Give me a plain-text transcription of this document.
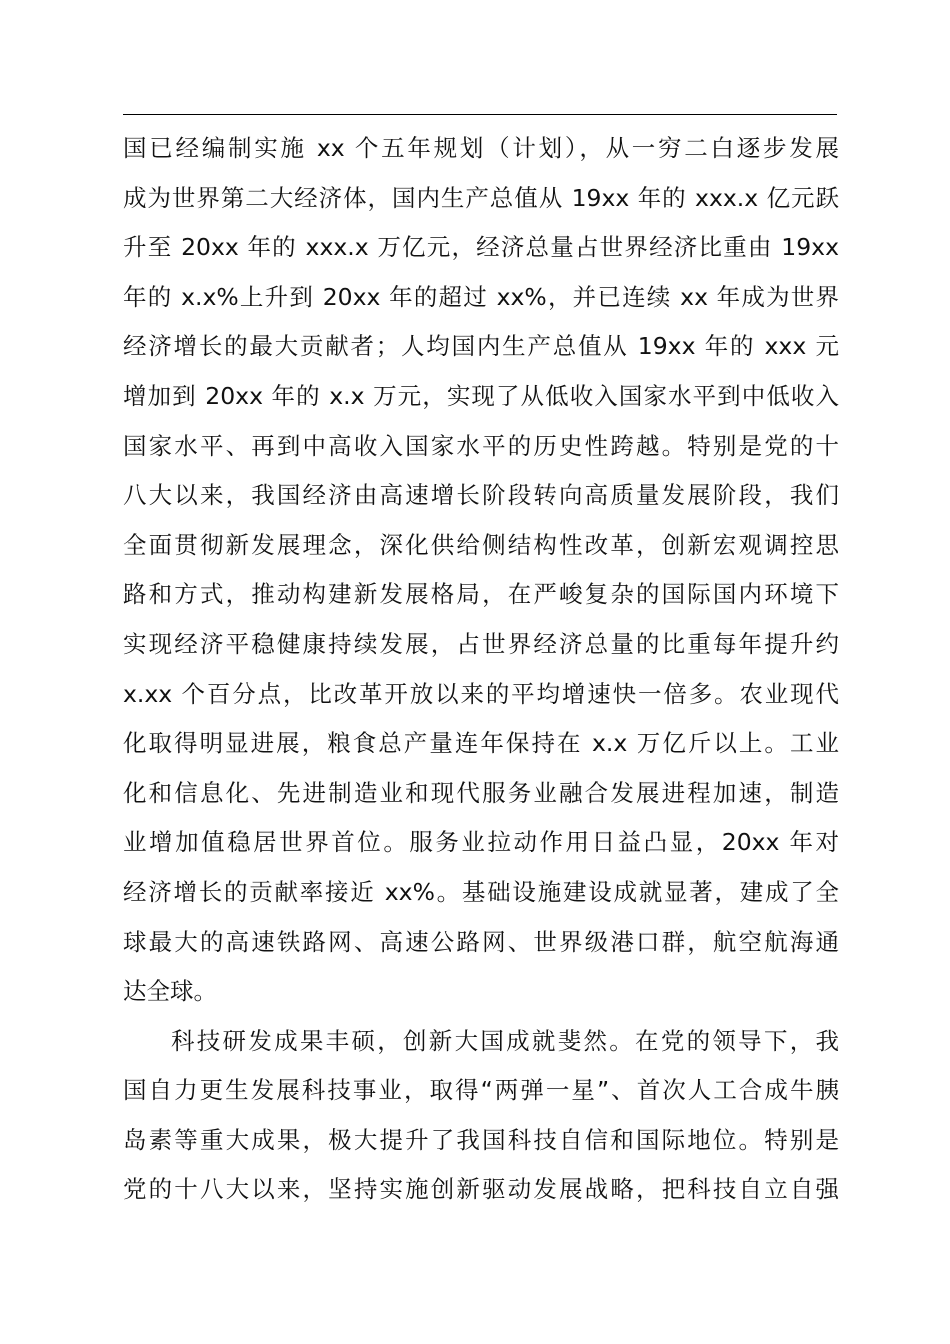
国已经编制实施 xx 个五年规划（计划），从一穷二白逐步发展
成为世界第二大经济体，国内生产总值从 19xx 年的 xxx.x 亿元跃
升至 20xx 年的 xxx.x 万亿元，经济总量占世界经济比重由 19xx
年的 x.x%上升到 20xx 年的超过 xx%，并已连续 xx 年成为世界
经济增长的最大贡献者；人均国内生产总值从 19xx 年的 xxx 元
增加到 20xx 年的 x.x 万元，实现了从低收入国家水平到中低收入
国家水平、再到中高收入国家水平的历史性跨越。特别是党的十
八大以来，我国经济由高速增长阶段转向高质量发展阶段，我们
全面贯彻新发展理念，深化供给侧结构性改革，创新宏观调控思
路和方式，推动构建新发展格局，在严峻复杂的国际国内环境下
实现经济平稳健康持续发展，占世界经济总量的比重每年提升约
x.xx 个百分点，比改革开放以来的平均增速快一倍多。农业现代
化取得明显进展，粮食总产量连年保持在 x.x 万亿斤以上。工业
化和信息化、先进制造业和现代服务业融合发展进程加速，制造
业增加值稳居世界首位。服务业拉动作用日益凸显，20xx 年对
经济增长的贡献率接近 xx%。基础设施建设成就显著，建成了全
球最大的高速铁路网、高速公路网、世界级港口群，航空航海通
达全球。
科技研发成果丰硕，创新大国成就斐然。在党的领导下，我
国自力更生发展科技事业，取得“两弹一星”、首次人工合成牛胰
岛素等重大成果，极大提升了我国科技自信和国际地位。特别是
党的十八大以来，坚持实施创新驱动发展战略，把科技自立自强
